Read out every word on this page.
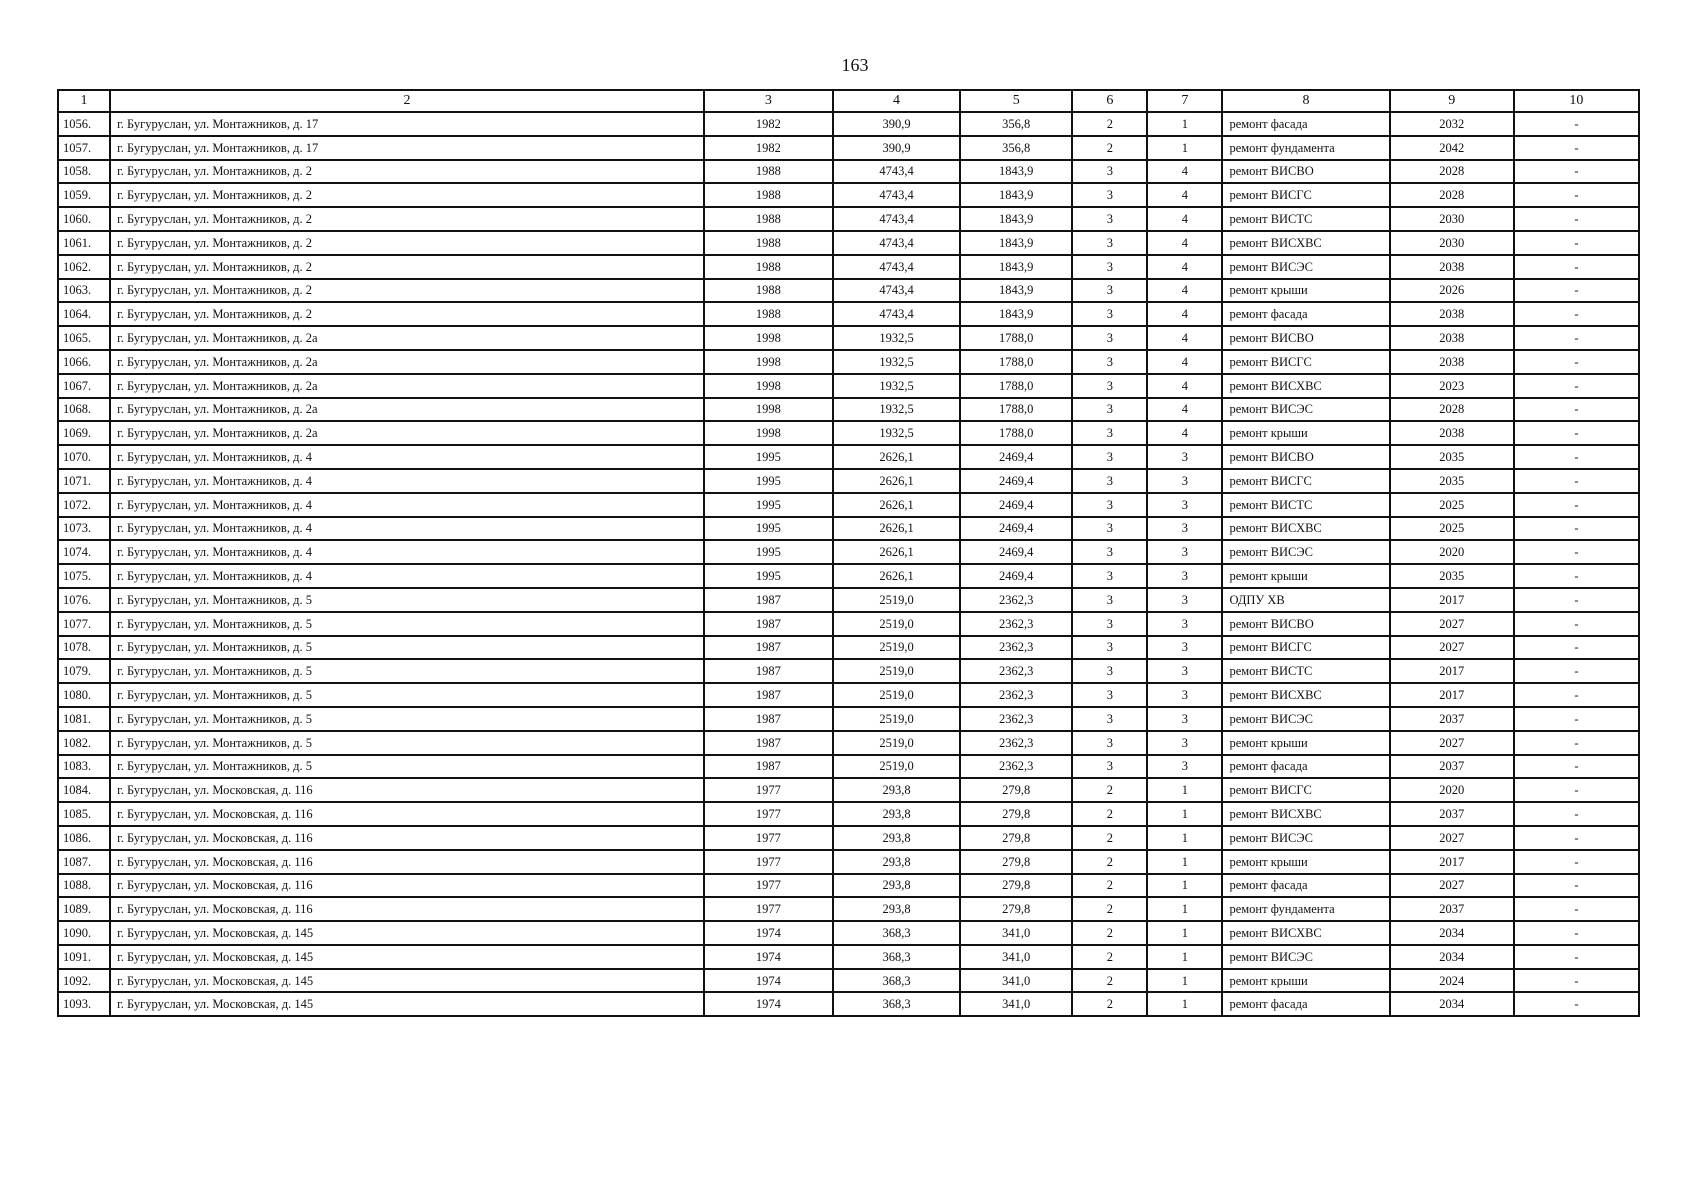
163
1	2	3	4	5	6	7	8	9	10
1056.	г. Бугуруслан, ул. Монтажников, д. 17	1982	390,9	356,8	2	1	ремонт фасада	2032	-
1057.	г. Бугуруслан, ул. Монтажников, д. 17	1982	390,9	356,8	2	1	ремонт фундамента	2042	-
1058.	г. Бугуруслан, ул. Монтажников, д. 2	1988	4743,4	1843,9	3	4	ремонт ВИСВО	2028	-
1059.	г. Бугуруслан, ул. Монтажников, д. 2	1988	4743,4	1843,9	3	4	ремонт ВИСГС	2028	-
1060.	г. Бугуруслан, ул. Монтажников, д. 2	1988	4743,4	1843,9	3	4	ремонт ВИСТС	2030	-
1061.	г. Бугуруслан, ул. Монтажников, д. 2	1988	4743,4	1843,9	3	4	ремонт ВИСХВС	2030	-
1062.	г. Бугуруслан, ул. Монтажников, д. 2	1988	4743,4	1843,9	3	4	ремонт ВИСЭС	2038	-
1063.	г. Бугуруслан, ул. Монтажников, д. 2	1988	4743,4	1843,9	3	4	ремонт крыши	2026	-
1064.	г. Бугуруслан, ул. Монтажников, д. 2	1988	4743,4	1843,9	3	4	ремонт фасада	2038	-
1065.	г. Бугуруслан, ул. Монтажников, д. 2а	1998	1932,5	1788,0	3	4	ремонт ВИСВО	2038	-
1066.	г. Бугуруслан, ул. Монтажников, д. 2а	1998	1932,5	1788,0	3	4	ремонт ВИСГС	2038	-
1067.	г. Бугуруслан, ул. Монтажников, д. 2а	1998	1932,5	1788,0	3	4	ремонт ВИСХВС	2023	-
1068.	г. Бугуруслан, ул. Монтажников, д. 2а	1998	1932,5	1788,0	3	4	ремонт ВИСЭС	2028	-
1069.	г. Бугуруслан, ул. Монтажников, д. 2а	1998	1932,5	1788,0	3	4	ремонт крыши	2038	-
1070.	г. Бугуруслан, ул. Монтажников, д. 4	1995	2626,1	2469,4	3	3	ремонт ВИСВО	2035	-
1071.	г. Бугуруслан, ул. Монтажников, д. 4	1995	2626,1	2469,4	3	3	ремонт ВИСГС	2035	-
1072.	г. Бугуруслан, ул. Монтажников, д. 4	1995	2626,1	2469,4	3	3	ремонт ВИСТС	2025	-
1073.	г. Бугуруслан, ул. Монтажников, д. 4	1995	2626,1	2469,4	3	3	ремонт ВИСХВС	2025	-
1074.	г. Бугуруслан, ул. Монтажников, д. 4	1995	2626,1	2469,4	3	3	ремонт ВИСЭС	2020	-
1075.	г. Бугуруслан, ул. Монтажников, д. 4	1995	2626,1	2469,4	3	3	ремонт крыши	2035	-
1076.	г. Бугуруслан, ул. Монтажников, д. 5	1987	2519,0	2362,3	3	3	ОДПУ ХВ	2017	-
1077.	г. Бугуруслан, ул. Монтажников, д. 5	1987	2519,0	2362,3	3	3	ремонт ВИСВО	2027	-
1078.	г. Бугуруслан, ул. Монтажников, д. 5	1987	2519,0	2362,3	3	3	ремонт ВИСГС	2027	-
1079.	г. Бугуруслан, ул. Монтажников, д. 5	1987	2519,0	2362,3	3	3	ремонт ВИСТС	2017	-
1080.	г. Бугуруслан, ул. Монтажников, д. 5	1987	2519,0	2362,3	3	3	ремонт ВИСХВС	2017	-
1081.	г. Бугуруслан, ул. Монтажников, д. 5	1987	2519,0	2362,3	3	3	ремонт ВИСЭС	2037	-
1082.	г. Бугуруслан, ул. Монтажников, д. 5	1987	2519,0	2362,3	3	3	ремонт крыши	2027	-
1083.	г. Бугуруслан, ул. Монтажников, д. 5	1987	2519,0	2362,3	3	3	ремонт фасада	2037	-
1084.	г. Бугуруслан, ул. Московская, д. 116	1977	293,8	279,8	2	1	ремонт ВИСГС	2020	-
1085.	г. Бугуруслан, ул. Московская, д. 116	1977	293,8	279,8	2	1	ремонт ВИСХВС	2037	-
1086.	г. Бугуруслан, ул. Московская, д. 116	1977	293,8	279,8	2	1	ремонт ВИСЭС	2027	-
1087.	г. Бугуруслан, ул. Московская, д. 116	1977	293,8	279,8	2	1	ремонт крыши	2017	-
1088.	г. Бугуруслан, ул. Московская, д. 116	1977	293,8	279,8	2	1	ремонт фасада	2027	-
1089.	г. Бугуруслан, ул. Московская, д. 116	1977	293,8	279,8	2	1	ремонт фундамента	2037	-
1090.	г. Бугуруслан, ул. Московская, д. 145	1974	368,3	341,0	2	1	ремонт ВИСХВС	2034	-
1091.	г. Бугуруслан, ул. Московская, д. 145	1974	368,3	341,0	2	1	ремонт ВИСЭС	2034	-
1092.	г. Бугуруслан, ул. Московская, д. 145	1974	368,3	341,0	2	1	ремонт крыши	2024	-
1093.	г. Бугуруслан, ул. Московская, д. 145	1974	368,3	341,0	2	1	ремонт фасада	2034	-
